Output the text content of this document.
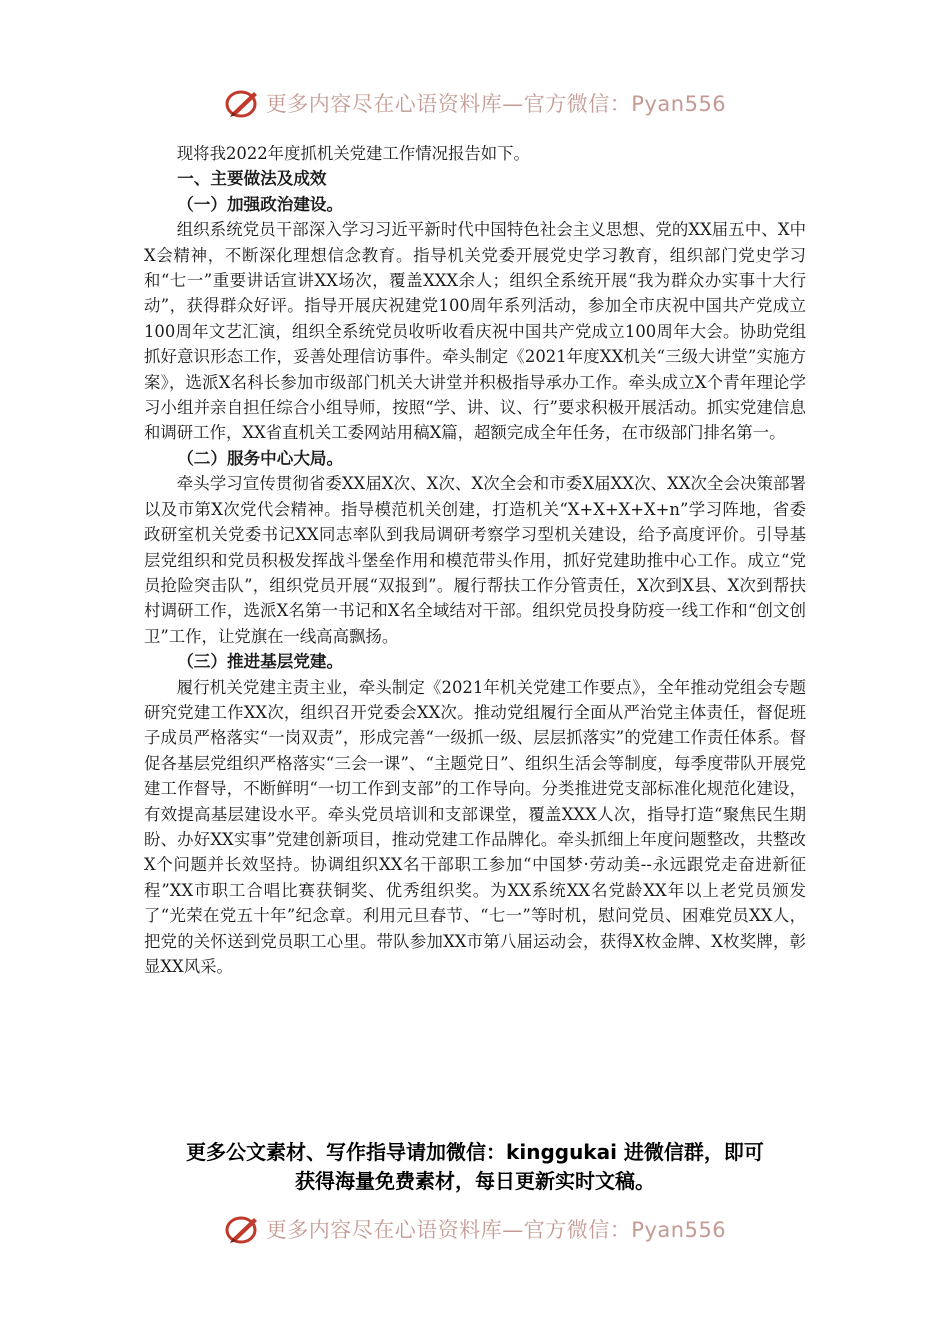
更多内容尽在心语资料库—官方微信：Pyan556

现将我2022年度抓机关党建工作情况报告如下。

一、主要做法及成效

（一）加强政治建设。

组织系统党员干部深入学习习近平新时代中国特色社会主义思想、党的XX届五中、X中X会精神，不断深化理想信念教育。指导机关党委开展党史学习教育，组织部门党史学习和“七一”重要讲话宣讲XX场次，覆盖XXX余人；组织全系统开展“我为群众办实事十大行动”，获得群众好评。指导开展庆祝建党100周年系列活动，参加全市庆祝中国共产党成立100周年文艺汇演，组织全系统党员收听收看庆祝中国共产党成立100周年大会。协助党组抓好意识形态工作，妥善处理信访事件。牵头制定《2021年度XX机关“三级大讲堂”实施方案》，选派X名科长参加市级部门机关大讲堂并积极指导承办工作。牵头成立X个青年理论学习小组并亲自担任综合小组导师，按照“学、讲、议、行”要求积极开展活动。抓实党建信息和调研工作，XX省直机关工委网站用稿X篇，超额完成全年任务，在市级部门排名第一。

（二）服务中心大局。

牵头学习宣传贯彻省委XX届X次、X次、X次全会和市委X届XX次、XX次全会决策部署以及市第X次党代会精神。指导模范机关创建，打造机关“X+X+X+X+n”学习阵地，省委政研室机关党委书记XX同志率队到我局调研考察学习型机关建设，给予高度评价。引导基层党组织和党员积极发挥战斗堡垒作用和模范带头作用，抓好党建助推中心工作。成立“党员抢险突击队”，组织党员开展“双报到”。履行帮扶工作分管责任，X次到X县、X次到帮扶村调研工作，选派X名第一书记和X名全域结对干部。组织党员投身防疫一线工作和“创文创卫”工作，让党旗在一线高高飘扬。

（三）推进基层党建。

履行机关党建主责主业，牵头制定《2021年机关党建工作要点》，全年推动党组会专题研究党建工作XX次，组织召开党委会XX次。推动党组履行全面从严治党主体责任，督促班子成员严格落实“一岗双责”，形成完善“一级抓一级、层层抓落实”的党建工作责任体系。督促各基层党组织严格落实“三会一课”、“主题党日”、组织生活会等制度，每季度带队开展党建工作督导，不断鲜明“一切工作到支部”的工作导向。分类推进党支部标准化规范化建设，有效提高基层建设水平。牵头党员培训和支部课堂，覆盖XXX人次，指导打造“聚焦民生期盼、办好XX实事”党建创新项目，推动党建工作品牌化。牵头抓细上年度问题整改，共整改X个问题并长效坚持。协调组织XX名干部职工参加“中国梦·劳动美--永远跟党走奋进新征程”XX市职工合唱比赛获铜奖、优秀组织奖。为XX系统XX名党龄XX年以上老党员颁发了“光荣在党五十年”纪念章。利用元旦春节、“七一”等时机，慰问党员、困难党员XX人，把党的关怀送到党员职工心里。带队参加XX市第八届运动会，获得X枚金牌、X枚奖牌，彰显XX风采。

更多公文素材、写作指导请加微信：kinggukai 进微信群，即可
获得海量免费素材，每日更新实时文稿。
更多内容尽在心语资料库—官方微信：Pyan556
